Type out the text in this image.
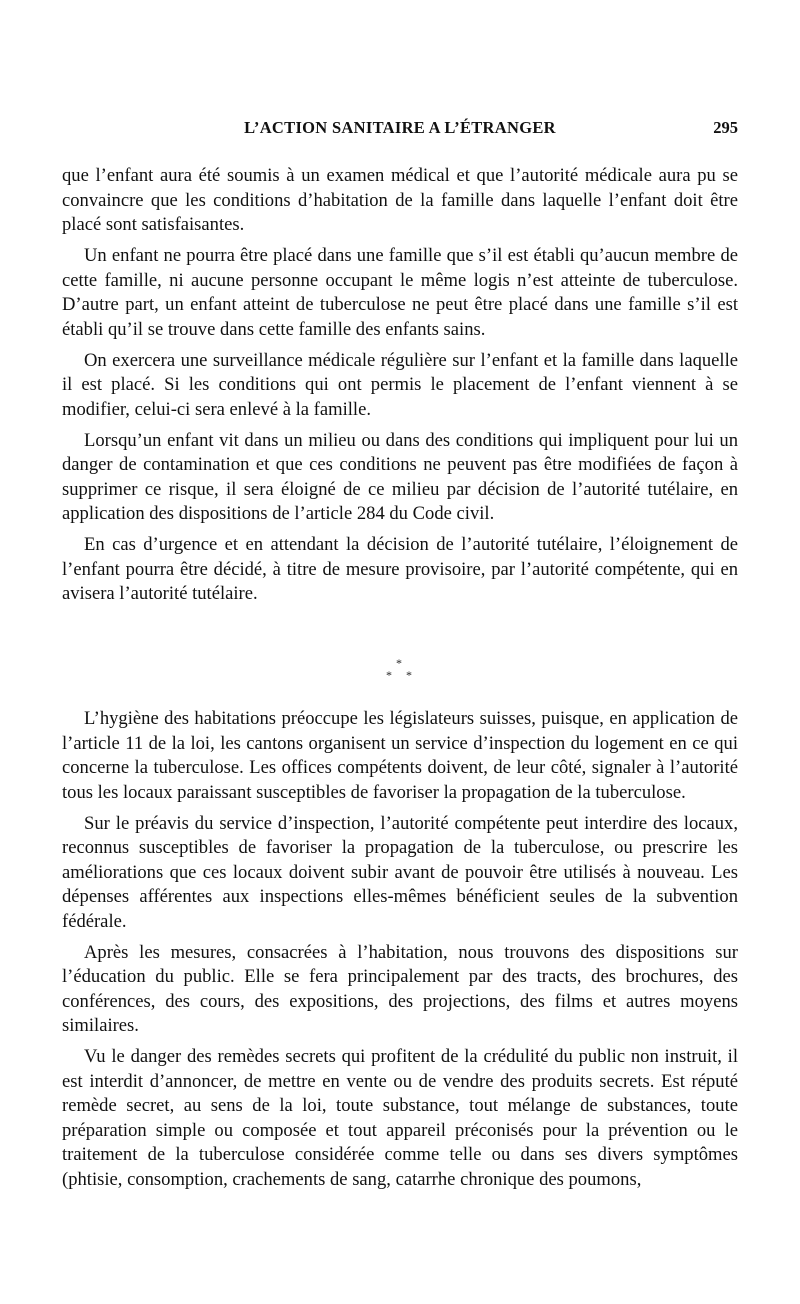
L’ACTION SANITAIRE A L’ÉTRANGER	295

que l’enfant aura été soumis à un examen médical et que l’autorité médicale aura pu se convaincre que les conditions d’habitation de la famille dans laquelle l’enfant doit être placé sont satisfaisantes.

Un enfant ne pourra être placé dans une famille que s’il est établi qu’aucun membre de cette famille, ni aucune personne occupant le même logis n’est atteinte de tuberculose. D’autre part, un enfant atteint de tuberculose ne peut être placé dans une famille s’il est établi qu’il se trouve dans cette famille des enfants sains.

On exercera une surveillance médicale régulière sur l’enfant et la famille dans laquelle il est placé. Si les conditions qui ont permis le placement de l’enfant viennent à se modifier, celui-ci sera enlevé à la famille.

Lorsqu’un enfant vit dans un milieu ou dans des conditions qui impliquent pour lui un danger de contamination et que ces conditions ne peuvent pas être modifiées de façon à supprimer ce risque, il sera éloigné de ce milieu par décision de l’autorité tutélaire, en application des dispositions de l’article 284 du Code civil.

En cas d’urgence et en attendant la décision de l’autorité tutélaire, l’éloignement de l’enfant pourra être décidé, à titre de mesure provisoire, par l’autorité compétente, qui en avisera l’autorité tutélaire.

*
* *

L’hygiène des habitations préoccupe les législateurs suisses, puisque, en application de l’article 11 de la loi, les cantons organisent un service d’inspection du logement en ce qui concerne la tuberculose. Les offices compétents doivent, de leur côté, signaler à l’autorité tous les locaux paraissant susceptibles de favoriser la propagation de la tuberculose.

Sur le préavis du service d’inspection, l’autorité compétente peut interdire des locaux, reconnus susceptibles de favoriser la propagation de la tuberculose, ou prescrire les améliorations que ces locaux doivent subir avant de pouvoir être utilisés à nouveau. Les dépenses afférentes aux inspections elles-mêmes bénéficient seules de la subvention fédérale.

Après les mesures, consacrées à l’habitation, nous trouvons des dispositions sur l’éducation du public. Elle se fera principalement par des tracts, des brochures, des conférences, des cours, des expositions, des projections, des films et autres moyens similaires.

Vu le danger des remèdes secrets qui profitent de la crédulité du public non instruit, il est interdit d’annoncer, de mettre en vente ou de vendre des produits secrets. Est réputé remède secret, au sens de la loi, toute substance, tout mélange de substances, toute préparation simple ou composée et tout appareil préconisés pour la prévention ou le traitement de la tuberculose considérée comme telle ou dans ses divers symptômes (phtisie, consomption, crachements de sang, catarrhe chronique des poumons,
